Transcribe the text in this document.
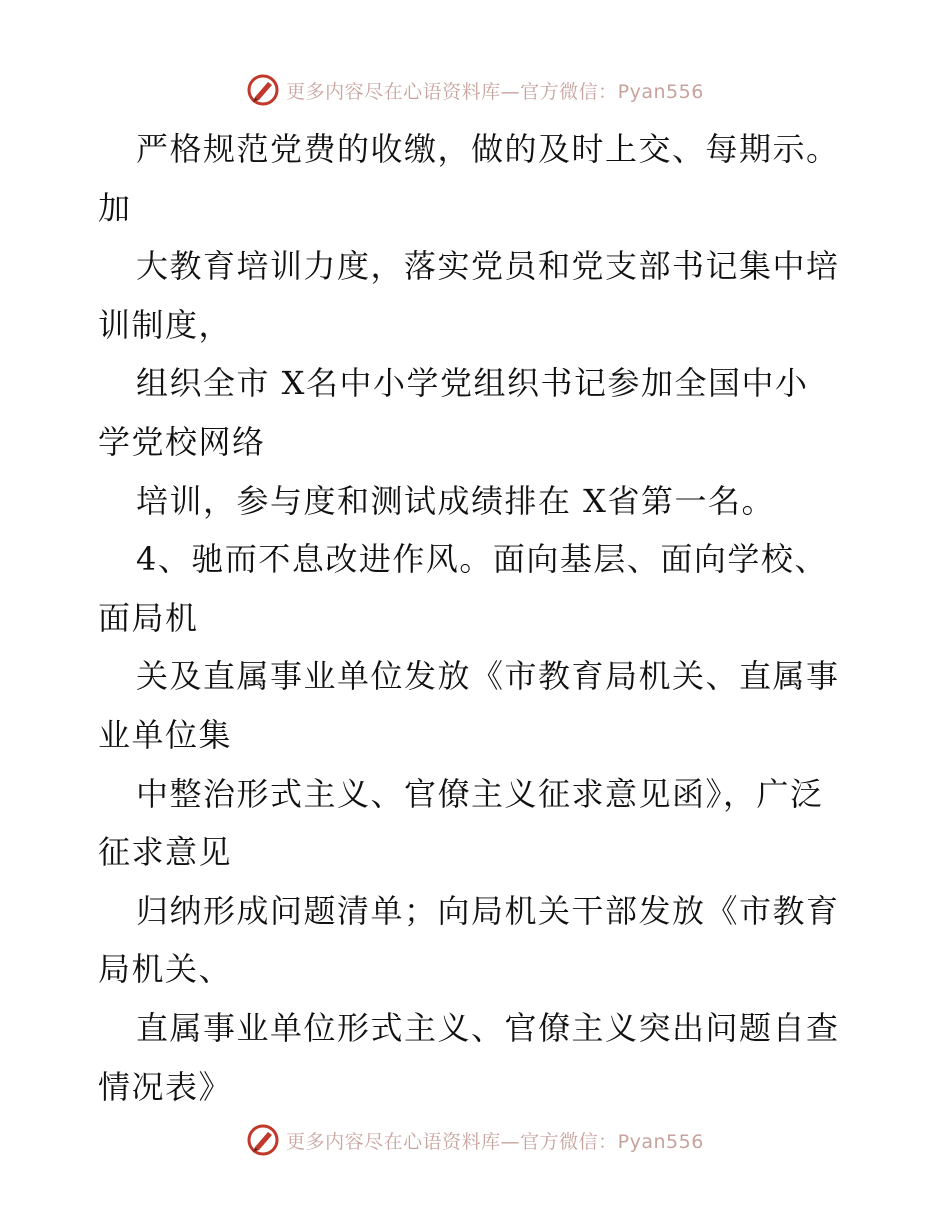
更多内容尽在心语资料库—官方微信：Pyan556
严格规范党费的收缴，做的及时上交、每期示。
加
大教育培训力度，落实党员和党支部书记集中培
训制度，
组织全市 X名中小学党组织书记参加全国中小
学党校网络
培训，参与度和测试成绩排在 X省第一名。
4、驰而不息改进作风。面向基层、面向学校、
面局机
关及直属事业单位发放《市教育局机关、直属事
业单位集
中整治形式主义、官僚主义征求意见函》，广泛
征求意见
归纳形成问题清单；向局机关干部发放《市教育
局机关、
直属事业单位形式主义、官僚主义突出问题自查
情况表》
更多内容尽在心语资料库—官方微信：Pyan556
